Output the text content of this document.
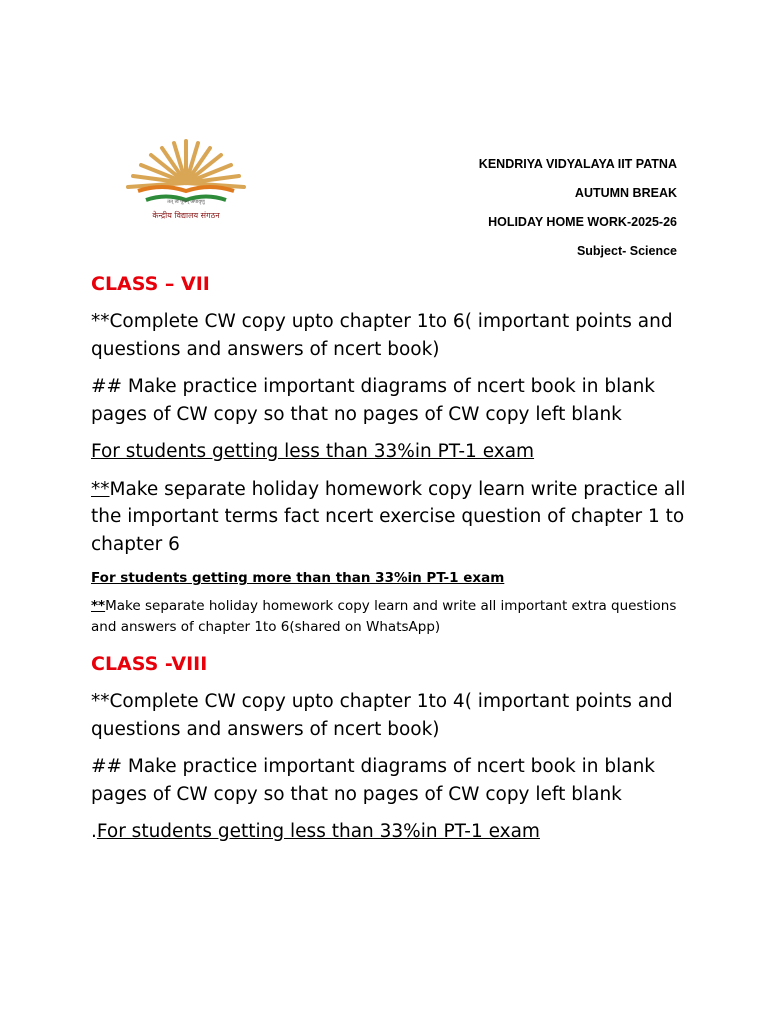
तत् त्वं पूषन् अपावृणु
केन्द्रीय विद्यालय संगठन
KENDRIYA VIDYALAYA IIT PATNA
AUTUMN BREAK
HOLIDAY HOME WORK-2025-26
Subject- Science
CLASS – VII

**Complete CW copy upto chapter 1to 6( important points and questions and answers of ncert book)

## Make practice important diagrams of ncert book in blank pages of CW copy so that no pages of CW copy left blank

For students getting less than 33%in PT-1 exam

**Make separate holiday homework copy learn write practice all the important terms fact ncert exercise question of chapter 1 to chapter 6

For students getting more than than 33%in PT-1 exam

**Make separate holiday homework copy learn and write all important extra questions and answers of chapter 1to 6(shared on WhatsApp)

CLASS -VIII

**Complete CW copy upto chapter 1to 4( important points and questions and answers of ncert book)

## Make practice important diagrams of ncert book in blank pages of CW copy so that no pages of CW copy left blank

.For students getting less than 33%in PT-1 exam
